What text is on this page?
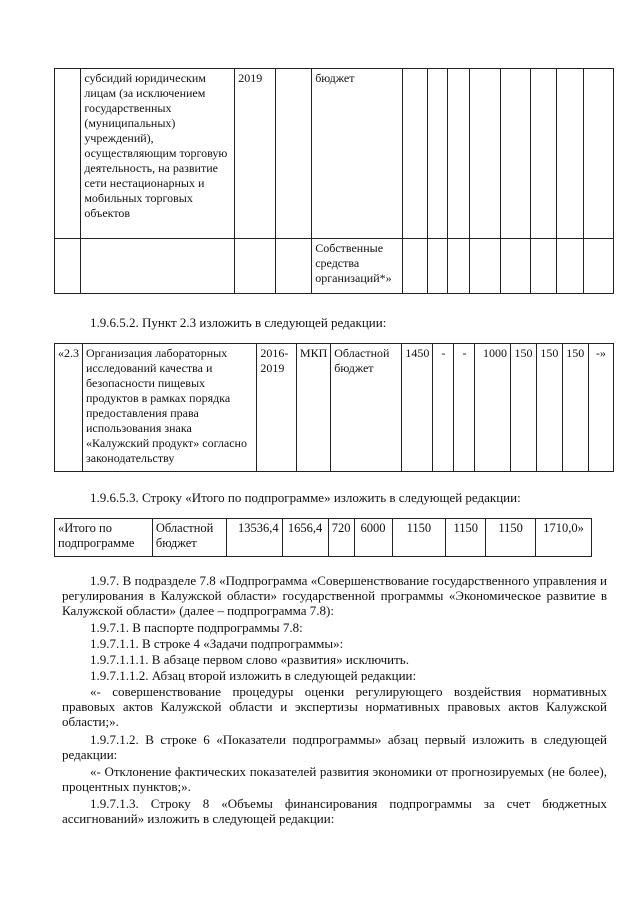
	субсидий юридическим лицам (за исключением государственных (муниципальных) учреждений), осуществляющим торговую деятельность, на развитие сети нестационарных и мобильных торговых объектов	2019		бюджет								
				Собственные средства организаций*»								
1.9.6.5.2. Пункт 2.3 изложить в следующей редакции:
«2.3	Организация лабораторных исследований качества и безопасности пищевых продуктов в рамках порядка предоставления права использования знака «Калужский продукт» согласно законодательству	2016-2019	МКП	Областной бюджет	1450	-	-	1000	150	150	150	-»
1.9.6.5.3. Строку «Итого по подпрограмме» изложить в следующей редакции:
«Итого по подпрограмме	Областной бюджет	13536,4	1656,4	720	6000	1150	1150	1150	1710,0»
1.9.7. В подразделе 7.8 «Подпрограмма «Совершенствование государственного управления и регулирования в Калужской области» государственной программы «Экономическое развитие в Калужской области» (далее – подпрограмма 7.8):
1.9.7.1. В паспорте подпрограммы 7.8:
1.9.7.1.1. В строке 4 «Задачи подпрограммы»:
1.9.7.1.1.1. В абзаце первом слово «развития» исключить.
1.9.7.1.1.2. Абзац второй изложить в следующей редакции:
«- совершенствование процедуры оценки регулирующего воздействия нормативных правовых актов Калужской области и экспертизы нормативных правовых актов Калужской области;».
1.9.7.1.2. В строке 6 «Показатели подпрограммы» абзац первый изложить в следующей редакции:
«- Отклонение фактических показателей развития экономики от прогнозируемых (не более), процентных пунктов;».
1.9.7.1.3. Строку 8 «Объемы финансирования подпрограммы за счет бюджетных ассигнований» изложить в следующей редакции:
